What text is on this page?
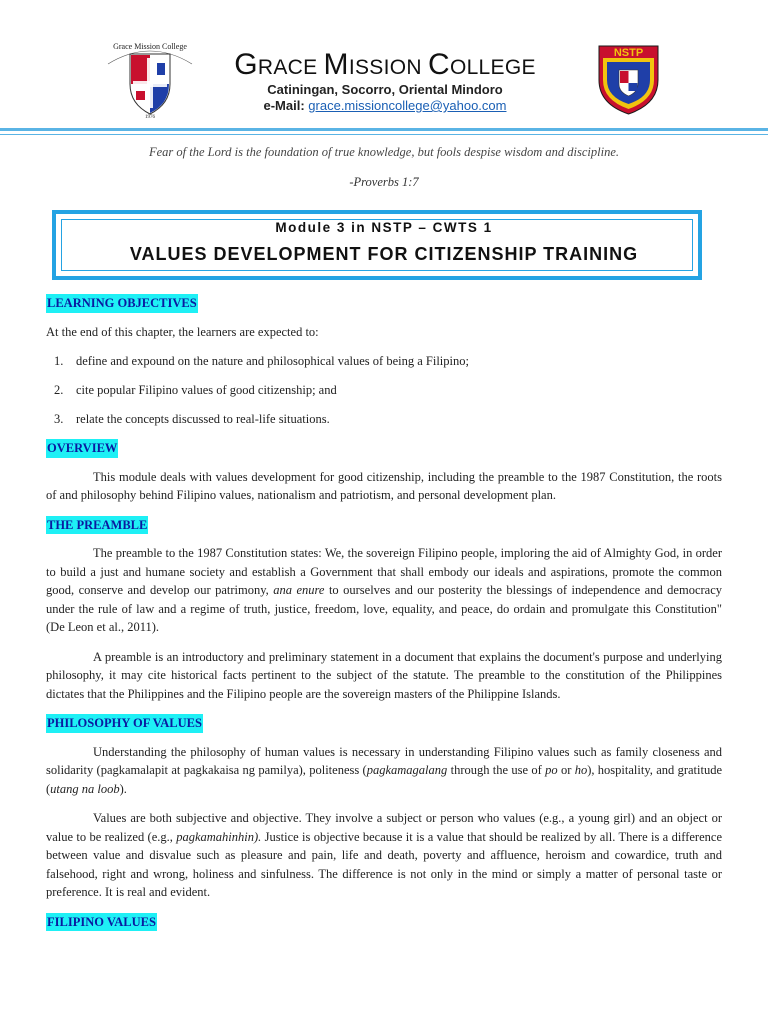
Grace Mission College
1976
GRACE MISSION COLLEGE
Catiningan, Socorro, Oriental Mindoro
e-Mail: grace.missioncollege@yahoo.com
NSTP
Fear of the Lord is the foundation of true knowledge, but fools despise wisdom and discipline.
-Proverbs 1:7
Module 3 in NSTP – CWTS 1
VALUES DEVELOPMENT FOR CITIZENSHIP TRAINING
LEARNING OBJECTIVES

At the end of this chapter, the learners are expected to:

1. define and expound on the nature and philosophical values of being a Filipino;
2. cite popular Filipino values of good citizenship; and
3. relate the concepts discussed to real-life situations.
OVERVIEW

This module deals with values development for good citizenship, including the preamble to the 1987 Constitution, the roots of and philosophy behind Filipino values, nationalism and patriotism, and personal development plan.

THE PREAMBLE

The preamble to the 1987 Constitution states: We, the sovereign Filipino people, imploring the aid of Almighty God, in order to build a just and humane society and establish a Government that shall embody our ideals and aspirations, promote the common good, conserve and develop our patrimony, ana enure to ourselves and our posterity the blessings of independence and democracy under the rule of law and a regime of truth, justice, freedom, love, equality, and peace, do ordain and promulgate this Constitution" (De Leon et al., 2011).

A preamble is an introductory and preliminary statement in a document that explains the document's purpose and underlying philosophy, it may cite historical facts pertinent to the subject of the statute. The preamble to the constitution of the Philippines dictates that the Philippines and the Filipino people are the sovereign masters of the Philippine Islands.

PHILOSOPHY OF VALUES

Understanding the philosophy of human values is necessary in understanding Filipino values such as family closeness and solidarity (pagkamalapit at pagkakaisa ng pamilya), politeness (pagkamagalang through the use of po or ho), hospitality, and gratitude (utang na loob).

Values are both subjective and objective. They involve a subject or person who values (e.g., a young girl) and an object or value to be realized (e.g., pagkamahinhin). Justice is objective because it is a value that should be realized by all. There is a difference between value and disvalue such as pleasure and pain, life and death, poverty and affluence, heroism and cowardice, truth and falsehood, right and wrong, holiness and sinfulness. The difference is not only in the mind or simply a matter of personal taste or preference. It is real and evident.

FILIPINO VALUES
